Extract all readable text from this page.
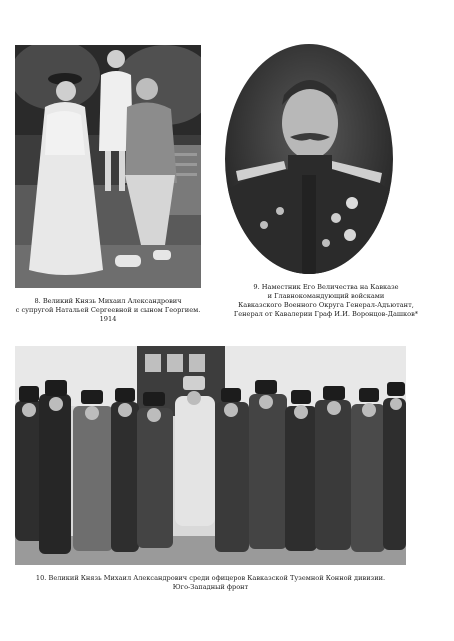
8. Великий Князь Михаил Александрович
с супругой Натальей Сергеевной и сыном Георгием.
1914
9. Наместник Его Величества на Кавказе
и Главнокомандующий войсками
Кавказского Военного Округа Генерал-Адъютант,
Генерал от Кавалерии Граф И.И. Воронцов-Дашков*
10. Великий Князь Михаил Александрович среди офицеров Кавказской Туземной Конной дивизии.
Юго-Западный фронт
